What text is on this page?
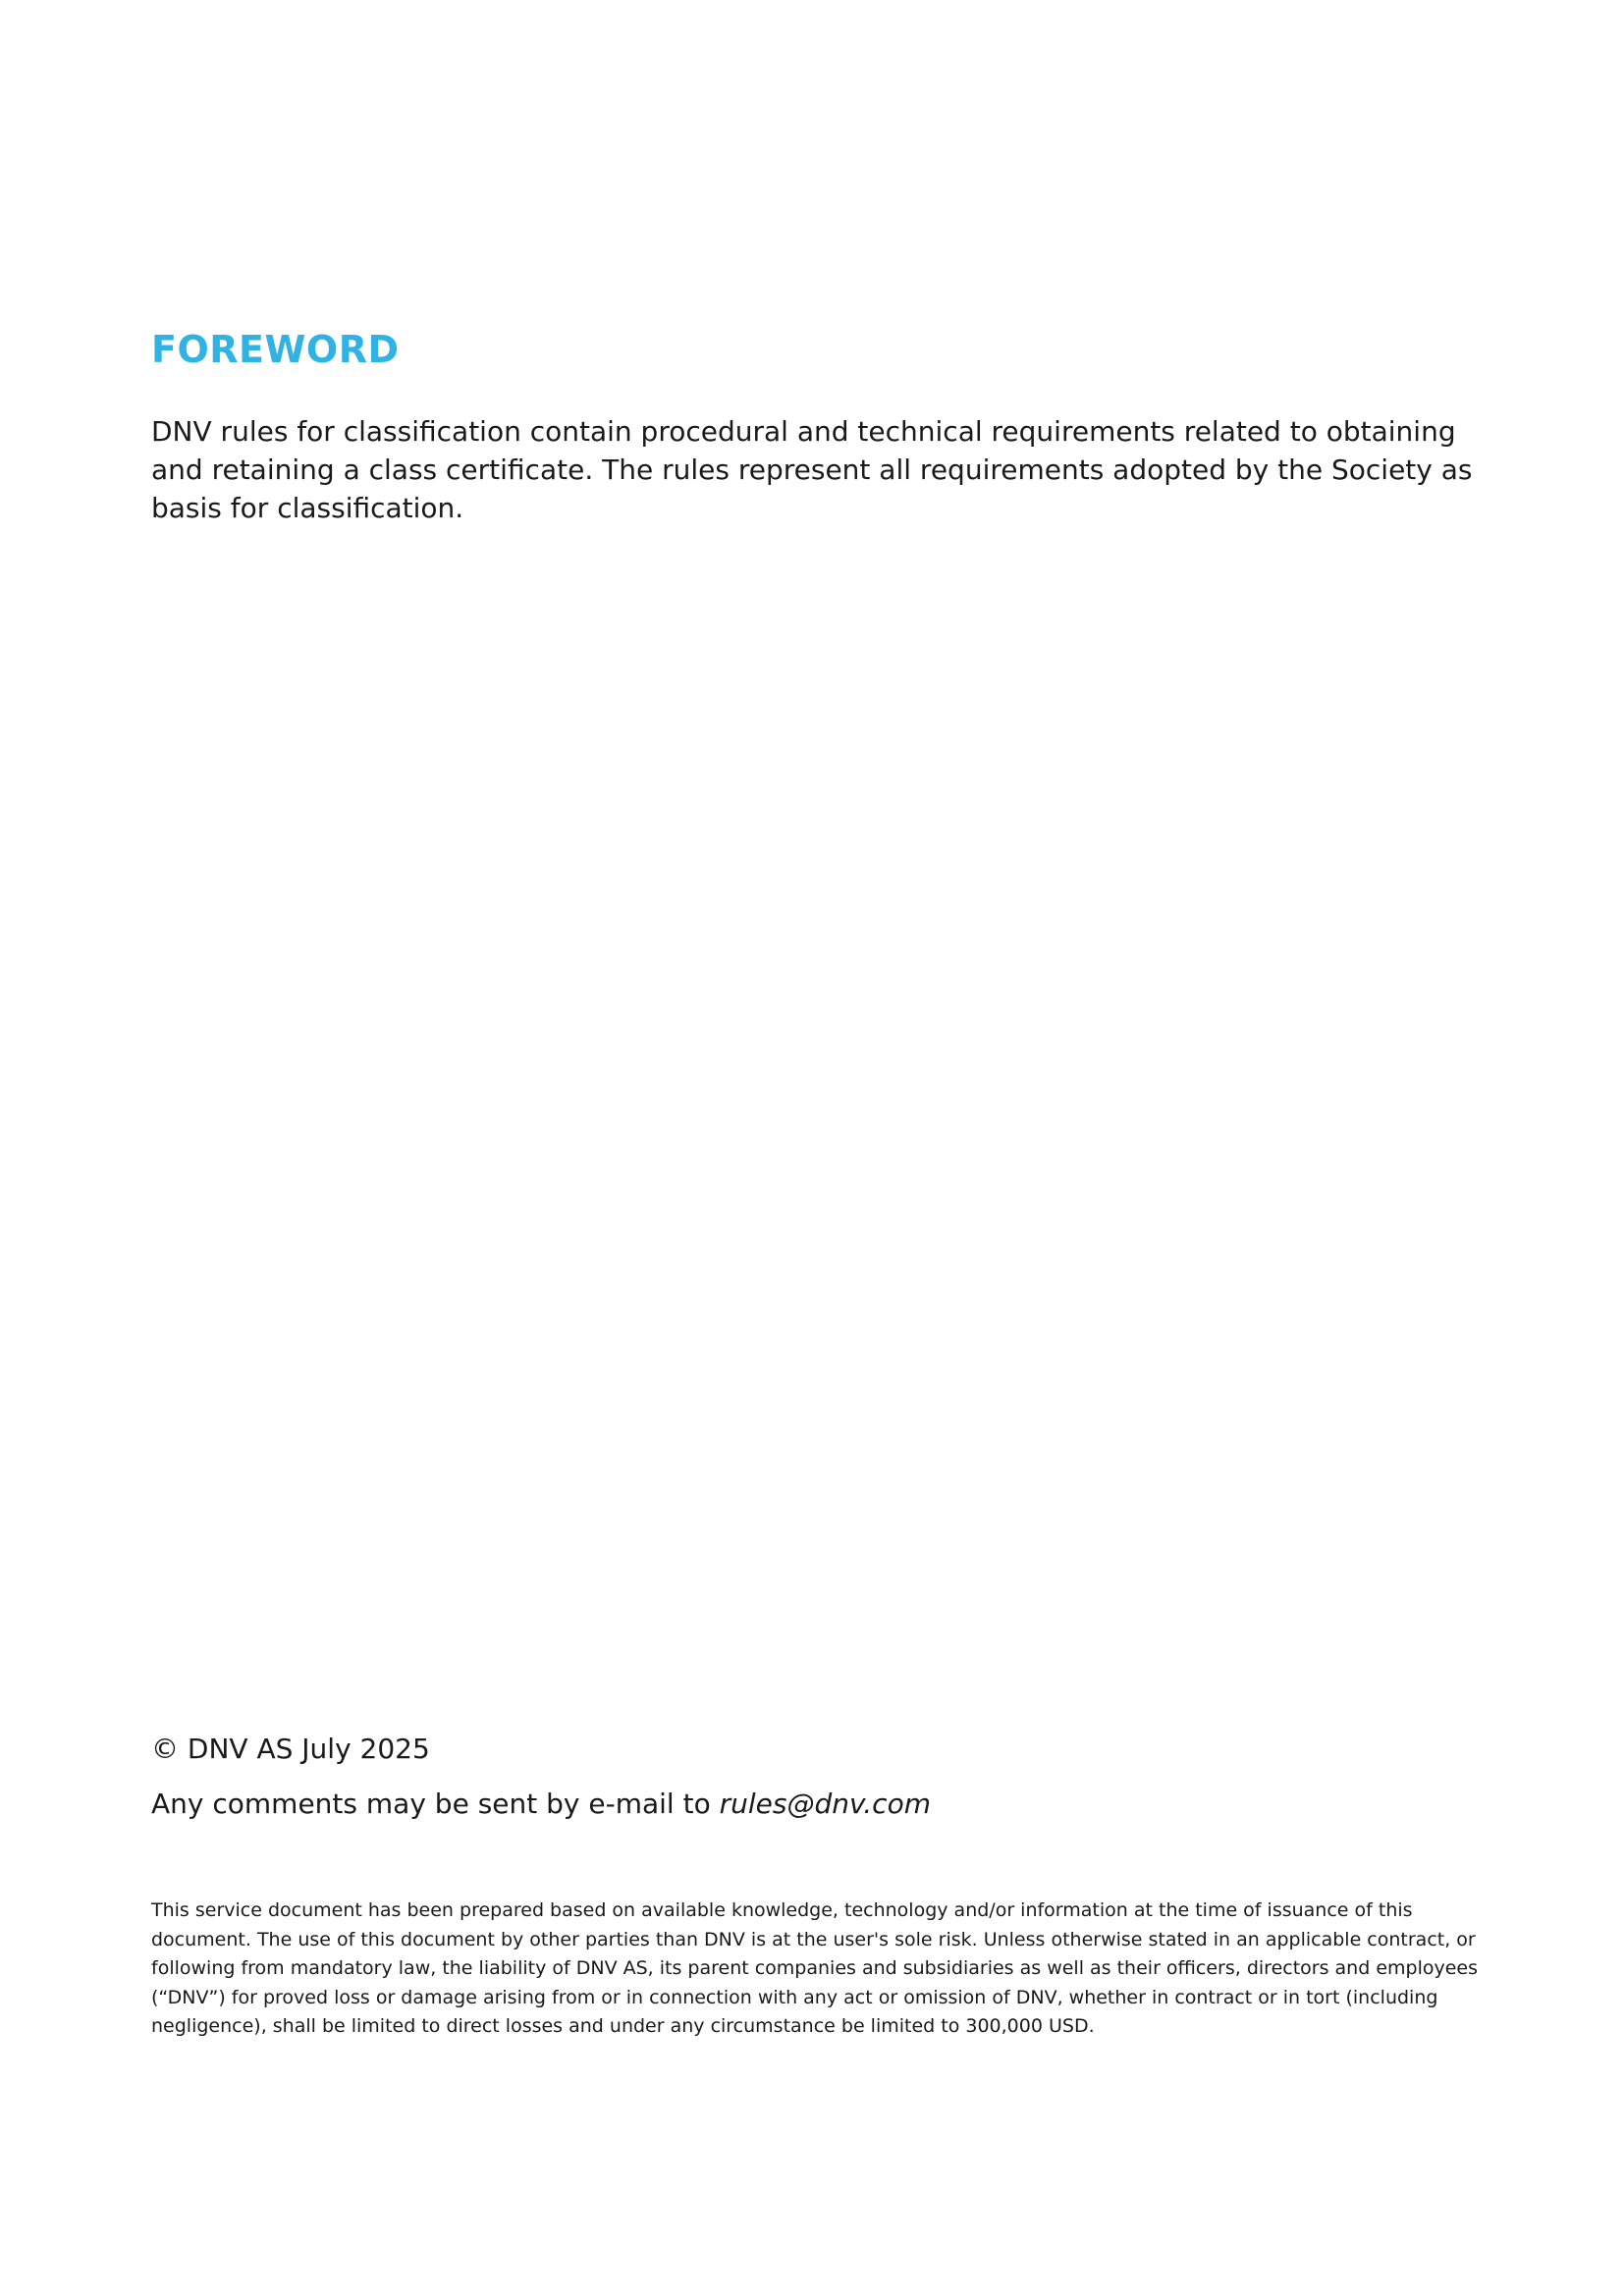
FOREWORD

DNV rules for classification contain procedural and technical requirements related to obtaining and retaining a class certificate. The rules represent all requirements adopted by the Society as basis for classification.

© DNV AS July 2025

Any comments may be sent by e-mail to rules@dnv.com

This service document has been prepared based on available knowledge, technology and/or information at the time of issuance of this document. The use of this document by other parties than DNV is at the user's sole risk. Unless otherwise stated in an applicable contract, or following from mandatory law, the liability of DNV AS, its parent companies and subsidiaries as well as their officers, directors and employees (“DNV”) for proved loss or damage arising from or in connection with any act or omission of DNV, whether in contract or in tort (including negligence), shall be limited to direct losses and under any circumstance be limited to 300,000 USD.
